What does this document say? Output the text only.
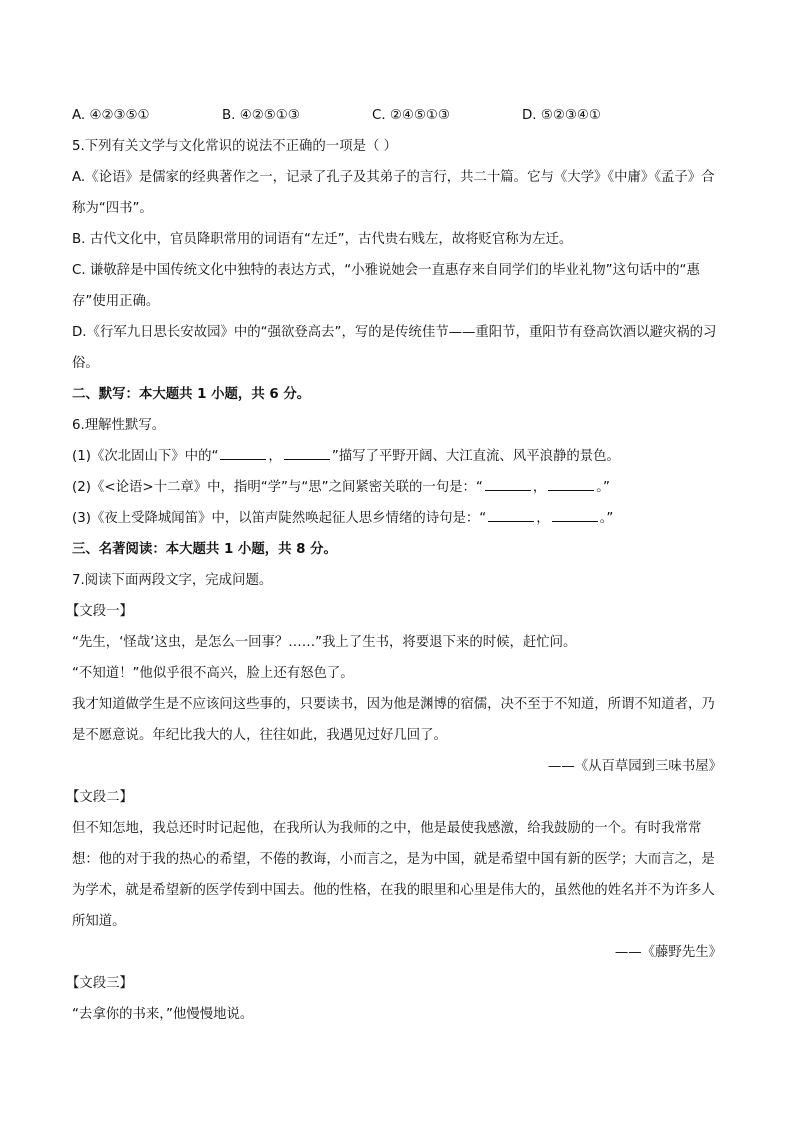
A. ④②③⑤①	B. ④②⑤①③	C. ②④⑤①③	D. ⑤②③④①
5.下列有关文学与文化常识的说法不正确的一项是（ ）
A.《论语》是儒家的经典著作之一，记录了孔子及其弟子的言行，共二十篇。它与《大学》《中庸》《孟子》合称为“四书”。
B. 古代文化中，官员降职常用的词语有“左迁”，古代贵右贱左，故将贬官称为左迁。
C. 谦敬辞是中国传统文化中独特的表达方式，“小雅说她会一直惠存来自同学们的毕业礼物”这句话中的“惠存”使用正确。
D.《行军九日思长安故园》中的“强欲登高去”，写的是传统佳节——重阳节，重阳节有登高饮酒以避灾祸的习俗。
二、默写：本大题共 1 小题，共 6 分。
6.理解性默写。
(1)《次北固山下》中的“	，	”描写了平野开阔、大江直流、风平浪静的景色。
(2)《<论语>十二章》中，指明“学”与“思”之间紧密关联的一句是：“	，	。”
(3)《夜上受降城闻笛》中，以笛声陡然唤起征人思乡情绪的诗句是：“	，	。”
三、名著阅读：本大题共 1 小题，共 8 分。
7.阅读下面两段文字，完成问题。
【文段一】
“先生，‘怪哉’这虫，是怎么一回事？……”我上了生书，将要退下来的时候，赶忙问。
“不知道！”他似乎很不高兴，脸上还有怒色了。
我才知道做学生是不应该问这些事的，只要读书，因为他是渊博的宿儒，决不至于不知道，所谓不知道者，乃是不愿意说。年纪比我大的人，往往如此，我遇见过好几回了。
——《从百草园到三味书屋》
【文段二】
但不知怎地，我总还时时记起他，在我所认为我师的之中，他是最使我感激，给我鼓励的一个。有时我常常想：他的对于我的热心的希望，不倦的教诲，小而言之，是为中国，就是希望中国有新的医学；大而言之，是为学术，就是希望新的医学传到中国去。他的性格，在我的眼里和心里是伟大的，虽然他的姓名并不为许多人所知道。
——《藤野先生》
【文段三】
“去拿你的书来，”他慢慢地说。
